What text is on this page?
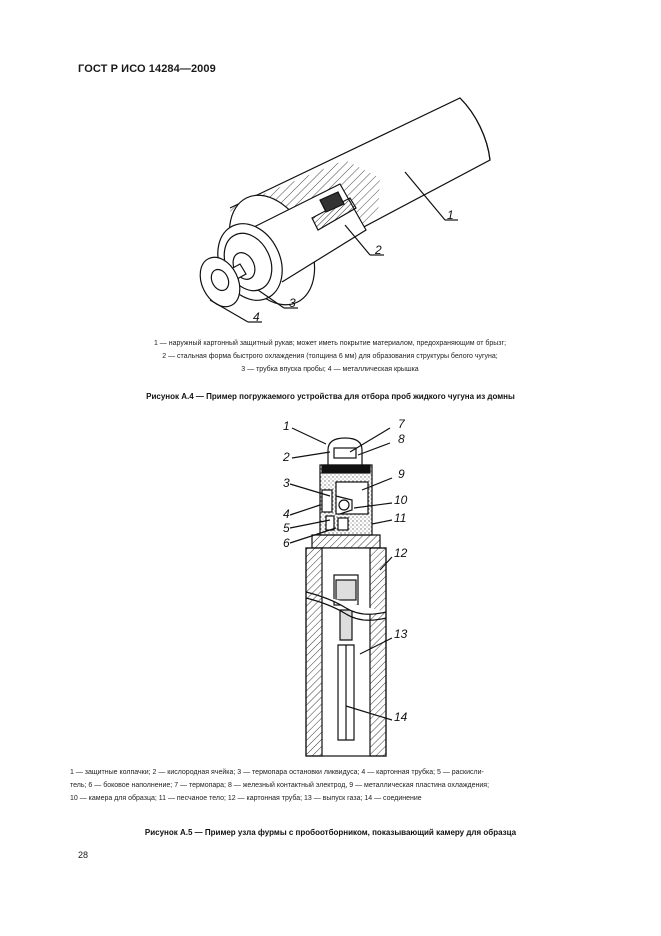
ГОСТ Р ИСО 14284—2009
1
2
3
4

1 — наружный картонный защитный рукав; может иметь покрытие материалом, предохраняющим от брызг;

2 — стальная форма быстрого охлаждения (толщина 6 мм) для образования структуры белого чугуна;

3 — трубка впуска пробы; 4 — металлическая крышка

Рисунок А.4 — Пример погружаемого устройства для отбора проб жидкого чугуна из домны
1
2
3
4
5
6
7
8
9
10
11
12
13
14

1 — защитные колпачки; 2 — кислородная ячейка; 3 — термопара остановки ликвидуса; 4 — картонная трубка; 5 — раскисли-

тель; 6 — боковое наполнение; 7 — термопара; 8 — железный контактный электрод, 9 — металлическая пластина охлаждения;

10 — камера для образца; 11 — песчаное тело; 12 — картонная труба; 13 — выпуск газа; 14 — соединение

Рисунок А.5 — Пример узла фурмы с пробоотборником, показывающий камеру для образца
28
